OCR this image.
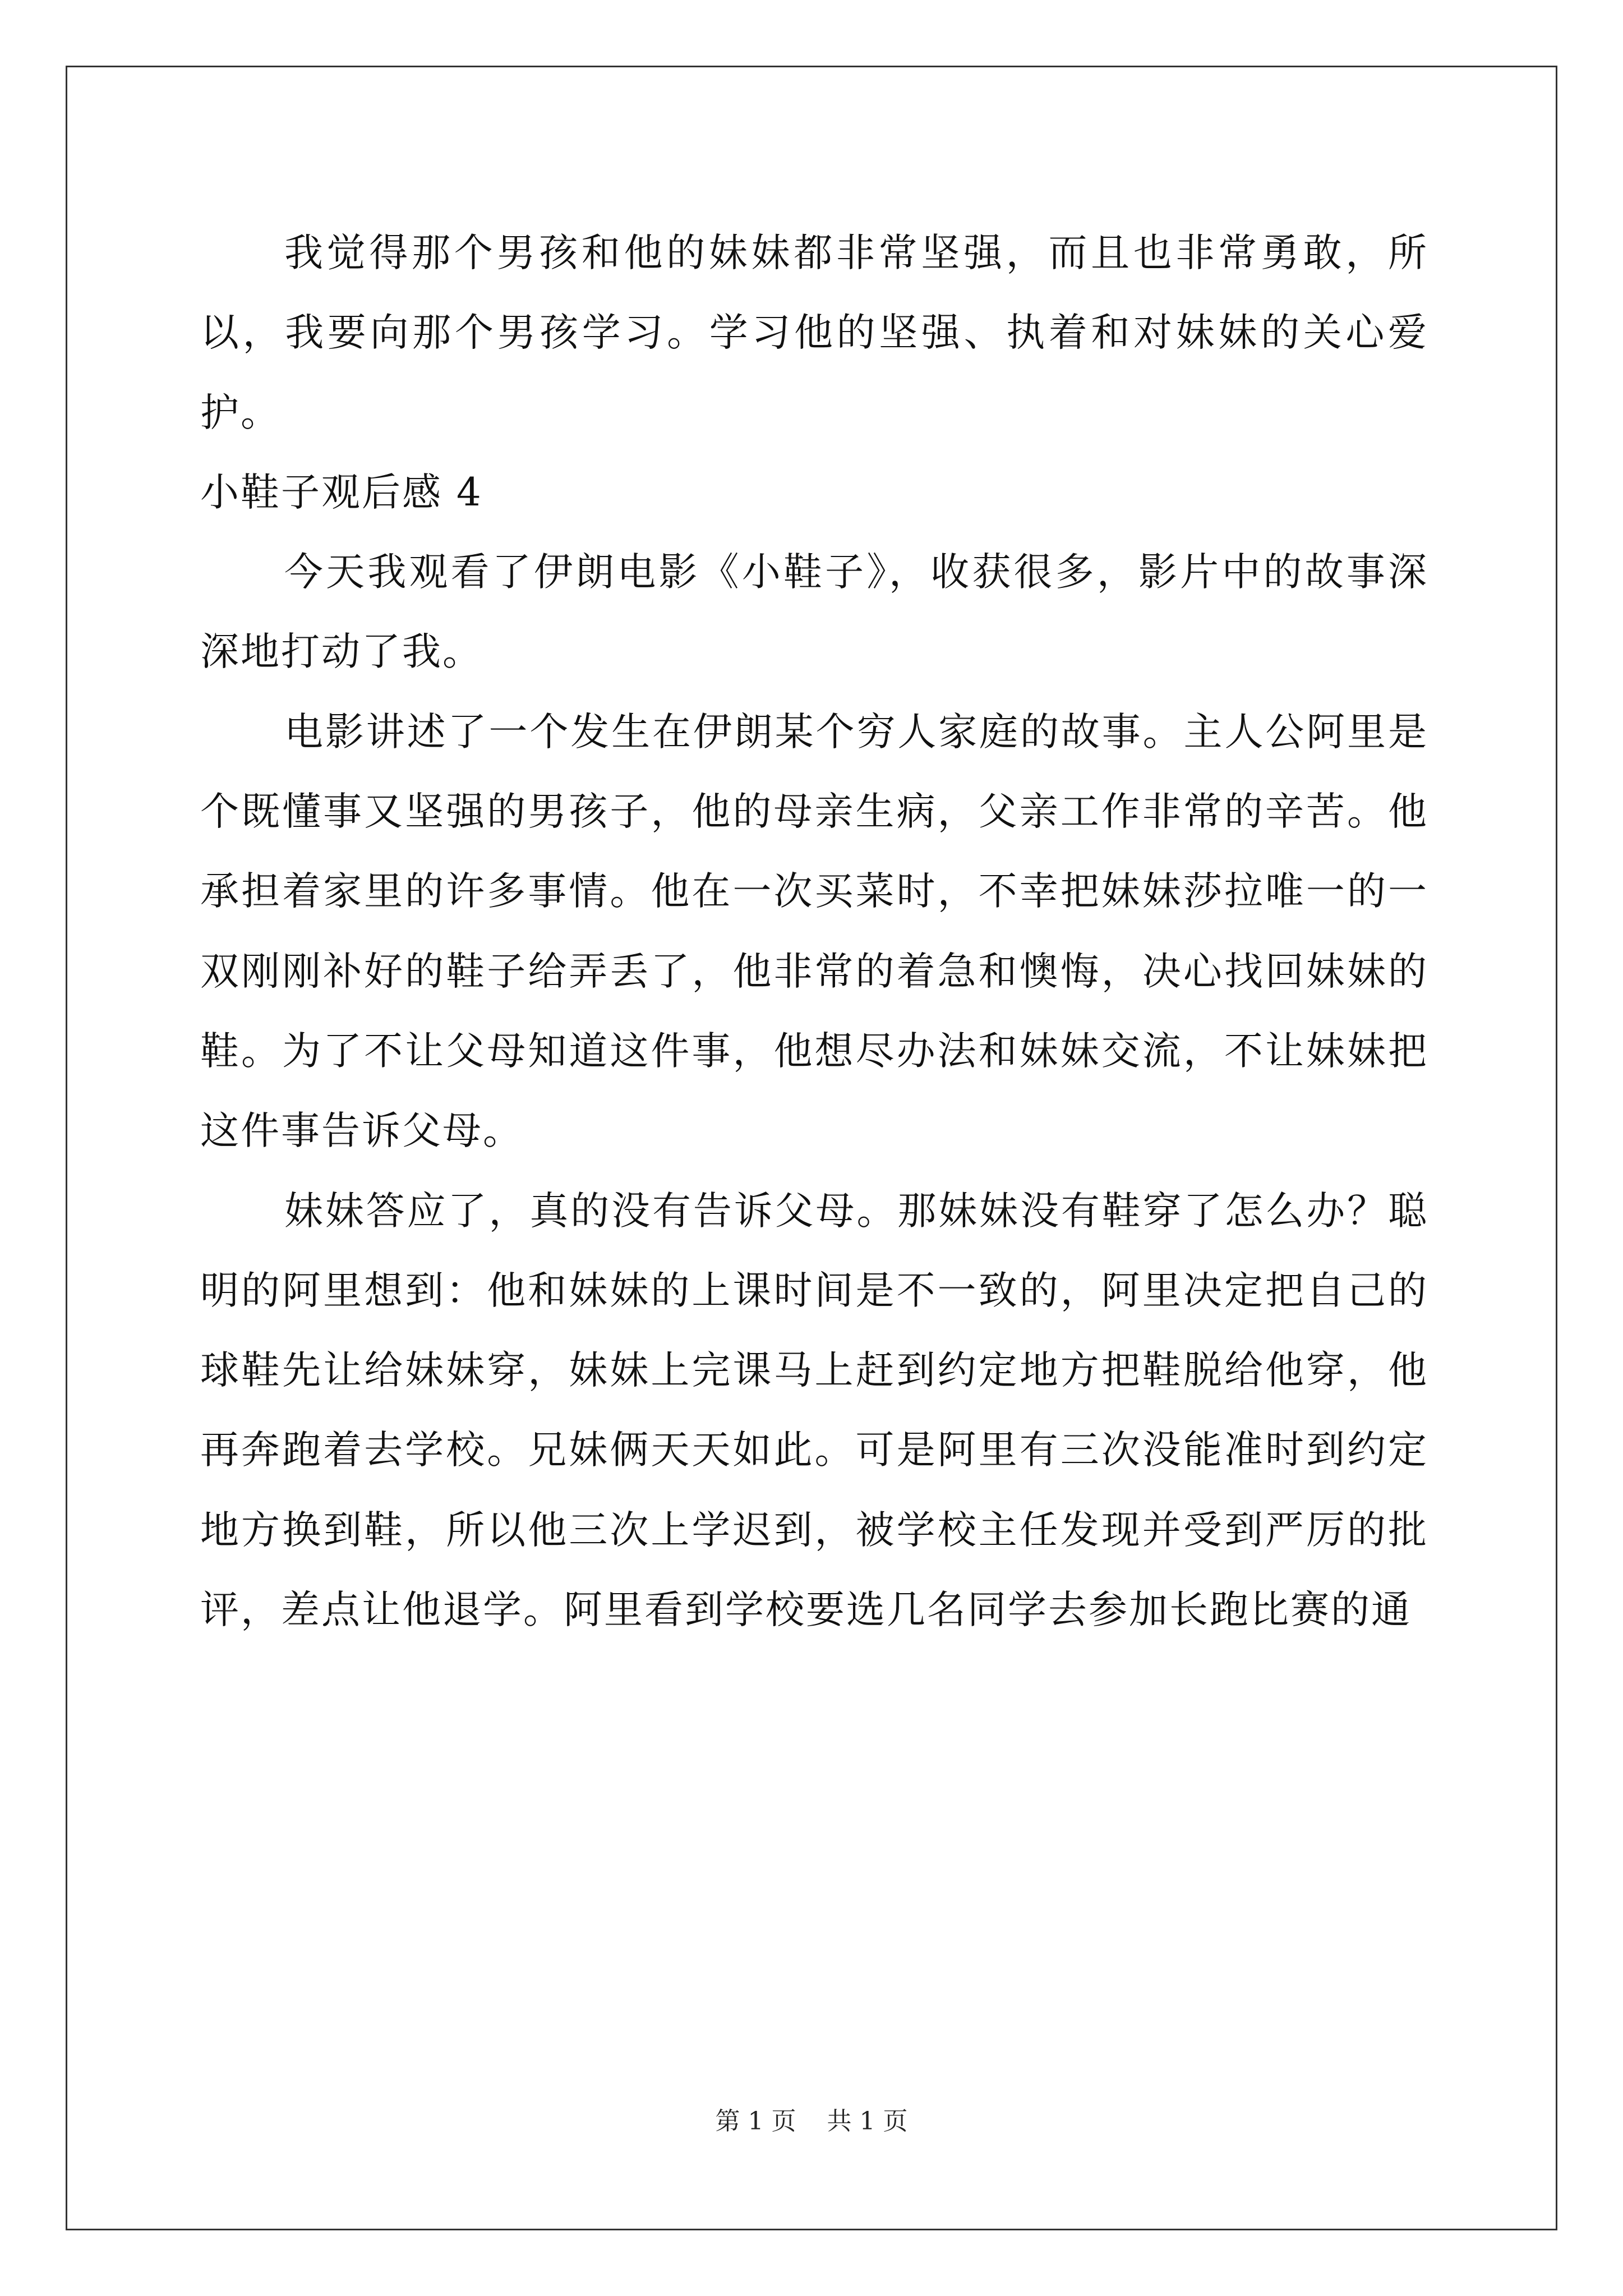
我觉得那个男孩和他的妹妹都非常坚强，而且也非常勇敢，所以，我要向那个男孩学习。学习他的坚强、执着和对妹妹的关心爱护。

小鞋子观后感 4

今天我观看了伊朗电影《小鞋子》，收获很多，影片中的故事深深地打动了我。

电影讲述了一个发生在伊朗某个穷人家庭的故事。主人公阿里是个既懂事又坚强的男孩子，他的母亲生病，父亲工作非常的辛苦。他承担着家里的许多事情。他在一次买菜时，不幸把妹妹莎拉唯一的一双刚刚补好的鞋子给弄丢了，他非常的着急和懊悔，决心找回妹妹的鞋。为了不让父母知道这件事，他想尽办法和妹妹交流，不让妹妹把这件事告诉父母。

妹妹答应了，真的没有告诉父母。那妹妹没有鞋穿了怎么办？聪明的阿里想到：他和妹妹的上课时间是不一致的，阿里决定把自己的球鞋先让给妹妹穿，妹妹上完课马上赶到约定地方把鞋脱给他穿，他再奔跑着去学校。兄妹俩天天如此。可是阿里有三次没能准时到约定地方换到鞋，所以他三次上学迟到，被学校主任发现并受到严厉的批评，差点让他退学。阿里看到学校要选几名同学去参加长跑比赛的通

第 1 页 共 1 页
